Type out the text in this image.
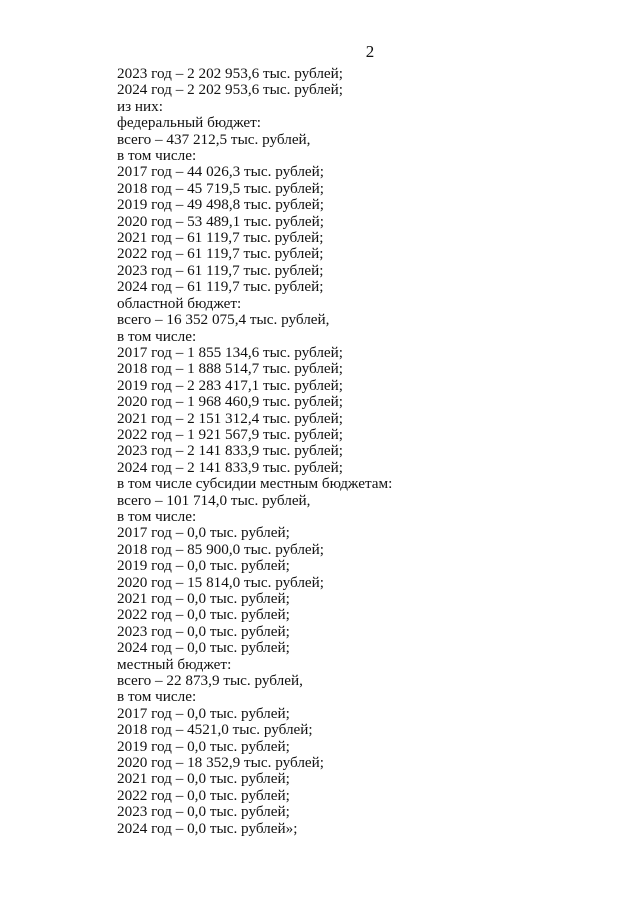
2
2023 год – 2 202 953,6 тыс. рублей;
2024 год – 2 202 953,6 тыс. рублей;
из них:
федеральный бюджет:
всего – 437 212,5 тыс. рублей,
в том числе:
2017 год – 44 026,3 тыс. рублей;
2018 год – 45 719,5 тыс. рублей;
2019 год – 49 498,8 тыс. рублей;
2020 год – 53 489,1 тыс. рублей;
2021 год – 61 119,7 тыс. рублей;
2022 год – 61 119,7 тыс. рублей;
2023 год – 61 119,7 тыс. рублей;
2024 год – 61 119,7 тыс. рублей;
областной бюджет:
всего – 16 352 075,4 тыс. рублей,
в том числе:
2017 год – 1 855 134,6 тыс. рублей;
2018 год – 1 888 514,7 тыс. рублей;
2019 год – 2 283 417,1 тыс. рублей;
2020 год – 1 968 460,9 тыс. рублей;
2021 год – 2 151 312,4 тыс. рублей;
2022 год – 1 921 567,9 тыс. рублей;
2023 год – 2 141 833,9 тыс. рублей;
2024 год – 2 141 833,9 тыс. рублей;
в том числе субсидии местным бюджетам:
всего – 101 714,0 тыс. рублей,
в том числе:
2017 год – 0,0 тыс. рублей;
2018 год – 85 900,0 тыс. рублей;
2019 год – 0,0 тыс. рублей;
2020 год – 15 814,0 тыс. рублей;
2021 год – 0,0 тыс. рублей;
2022 год – 0,0 тыс. рублей;
2023 год – 0,0 тыс. рублей;
2024 год – 0,0 тыс. рублей;
местный бюджет:
всего – 22 873,9 тыс. рублей,
в том числе:
2017 год – 0,0 тыс. рублей;
2018 год – 4521,0 тыс. рублей;
2019 год – 0,0 тыс. рублей;
2020 год – 18 352,9 тыс. рублей;
2021 год – 0,0 тыс. рублей;
2022 год – 0,0 тыс. рублей;
2023 год – 0,0 тыс. рублей;
2024 год – 0,0 тыс. рублей»;
